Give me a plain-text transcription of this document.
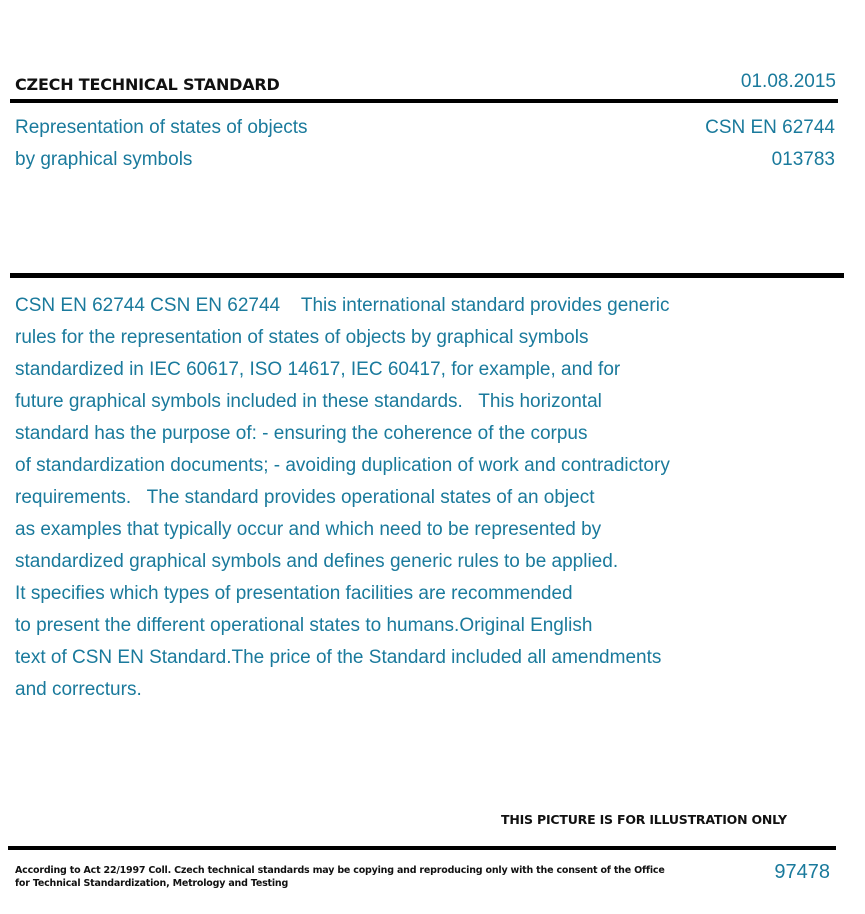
CZECH TECHNICAL STANDARD	01.08.2015
Representation of states of objects
by graphical symbols
CSN EN 62744
013783
CSN EN 62744 CSN EN 62744    This international standard provides generic
rules for the representation of states of objects by graphical symbols
standardized in IEC 60617, ISO 14617, IEC 60417, for example, and for
future graphical symbols included in these standards.   This horizontal
standard has the purpose of: - ensuring the coherence of the corpus
of standardization documents; - avoiding duplication of work and contradictory
requirements.   The standard provides operational states of an object
as examples that typically occur and which need to be represented by
standardized graphical symbols and defines generic rules to be applied.
It specifies which types of presentation facilities are recommended
to present the different operational states to humans.Original English
text of CSN EN Standard.The price of the Standard included all amendments
and correcturs.
THIS PICTURE IS FOR ILLUSTRATION ONLY
According to Act 22/1997 Coll. Czech technical standards may be copying and reproducing only with the consent of the Office
for Technical Standardization, Metrology and Testing
97478
